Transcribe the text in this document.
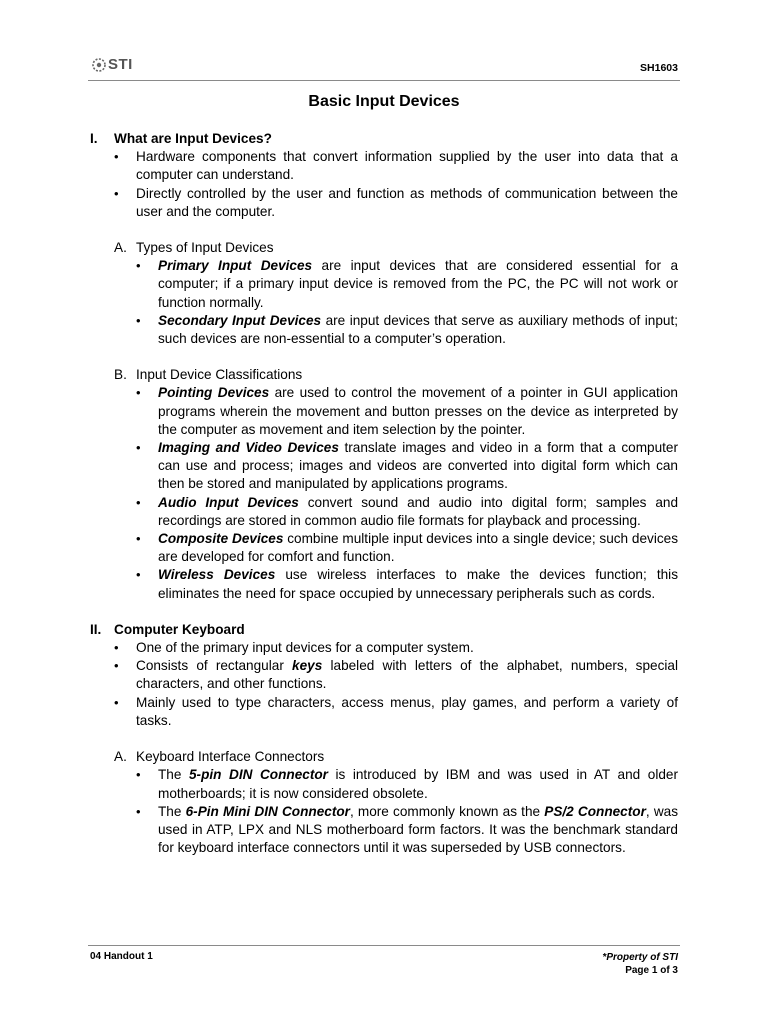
STI	SH1603
Basic Input Devices
I.	What are Input Devices?
•	Hardware components that convert information supplied by the user into data that a computer can understand.
•	Directly controlled by the user and function as methods of communication between the user and the computer.
A. Types of Input Devices
•	Primary Input Devices are input devices that are considered essential for a computer; if a primary input device is removed from the PC, the PC will not work or function normally.
•	Secondary Input Devices are input devices that serve as auxiliary methods of input; such devices are non-essential to a computer’s operation.
B. Input Device Classifications
•	Pointing Devices are used to control the movement of a pointer in GUI application programs wherein the movement and button presses on the device as interpreted by the computer as movement and item selection by the pointer.
•	Imaging and Video Devices translate images and video in a form that a computer can use and process; images and videos are converted into digital form which can then be stored and manipulated by applications programs.
•	Audio Input Devices convert sound and audio into digital form; samples and recordings are stored in common audio file formats for playback and processing.
•	Composite Devices combine multiple input devices into a single device; such devices are developed for comfort and function.
•	Wireless Devices use wireless interfaces to make the devices function; this eliminates the need for space occupied by unnecessary peripherals such as cords.
II. Computer Keyboard
•	One of the primary input devices for a computer system.
•	Consists of rectangular keys labeled with letters of the alphabet, numbers, special characters, and other functions.
•	Mainly used to type characters, access menus, play games, and perform a variety of tasks.
A. Keyboard Interface Connectors
•	The 5-pin DIN Connector is introduced by IBM and was used in AT and older motherboards; it is now considered obsolete.
•	The 6-Pin Mini DIN Connector, more commonly known as the PS/2 Connector, was used in ATP, LPX and NLS motherboard form factors. It was the benchmark standard for keyboard interface connectors until it was superseded by USB connectors.
04 Handout 1	*Property of STI
Page 1 of 3
